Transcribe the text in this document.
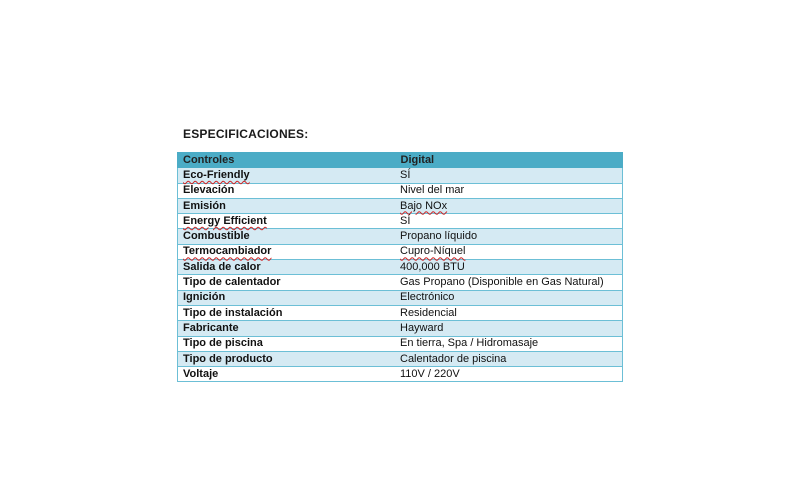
ESPECIFICACIONES:
Controles	Digital
Eco-Friendly	SÍ
Elevación	Nivel del mar
Emisión	Bajo NOx
Energy Efficient	SÍ
Combustible	Propano líquido
Termocambiador	Cupro-Níquel
Salida de calor	400,000 BTU
Tipo de calentador	Gas Propano (Disponible en Gas Natural)
Ignición	Electrónico
Tipo de instalación	Residencial
Fabricante	Hayward
Tipo de piscina	En tierra, Spa / Hidromasaje
Tipo de producto	Calentador de piscina
Voltaje	110V / 220V
